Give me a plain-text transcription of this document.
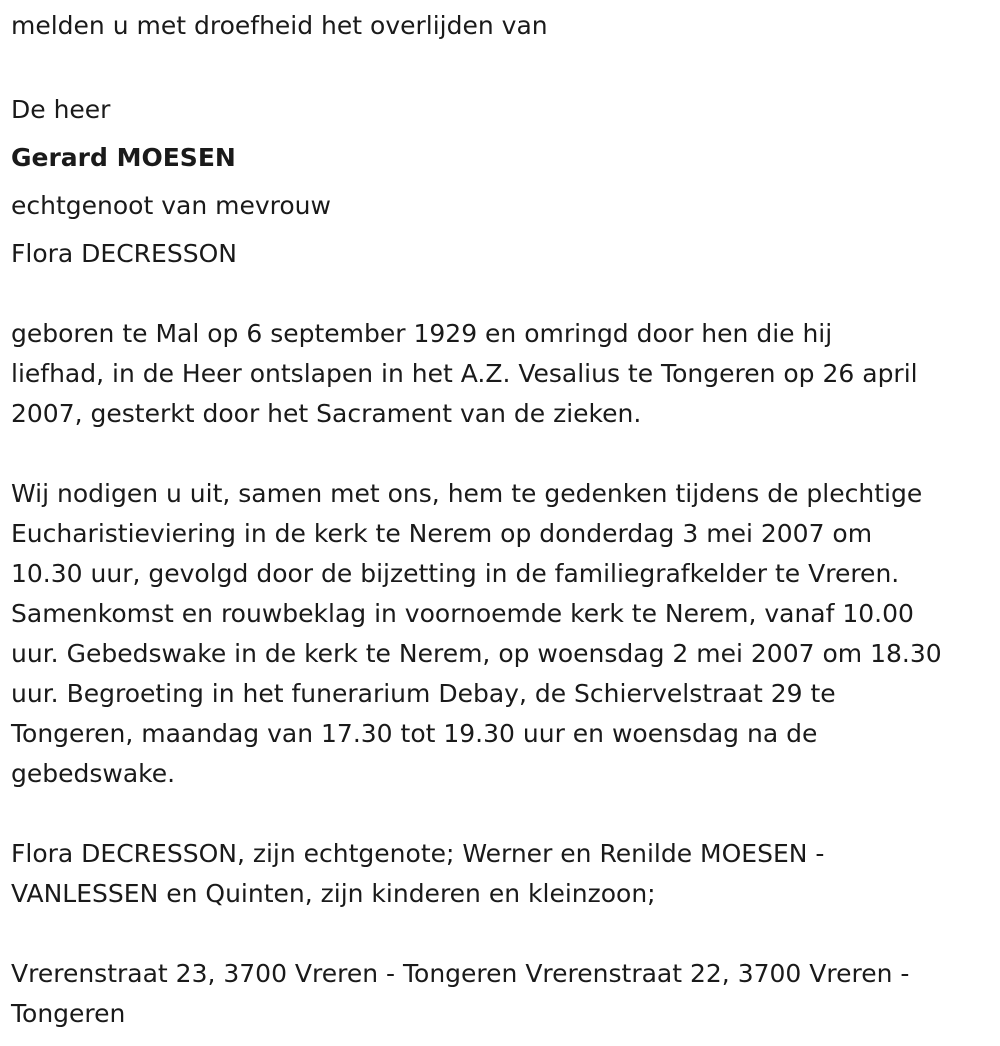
melden u met droefheid het overlijden van
De heer
Gerard MOESEN
echtgenoot van mevrouw
Flora DECRESSON
geboren te Mal op 6 september 1929 en omringd door hen die hij
liefhad, in de Heer ontslapen in het A.Z. Vesalius te Tongeren op 26 april
2007, gesterkt door het Sacrament van de zieken.
Wij nodigen u uit, samen met ons, hem te gedenken tijdens de plechtige
Eucharistieviering in de kerk te Nerem op donderdag 3 mei 2007 om
10.30 uur, gevolgd door de bijzetting in de familiegrafkelder te Vreren.
Samenkomst en rouwbeklag in voornoemde kerk te Nerem, vanaf 10.00
uur. Gebedswake in de kerk te Nerem, op woensdag 2 mei 2007 om 18.30
uur. Begroeting in het funerarium Debay, de Schiervelstraat 29 te
Tongeren, maandag van 17.30 tot 19.30 uur en woensdag na de
gebedswake.
Flora DECRESSON, zijn echtgenote; Werner en Renilde MOESEN -
VANLESSEN en Quinten, zijn kinderen en kleinzoon;
Vrerenstraat 23, 3700 Vreren - Tongeren Vrerenstraat 22, 3700 Vreren -
Tongeren
